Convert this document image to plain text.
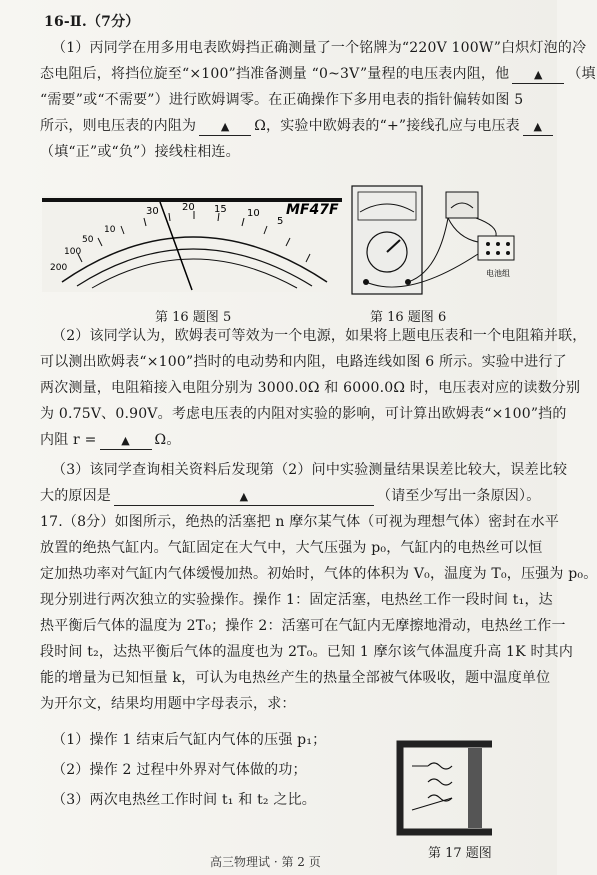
16-Ⅱ.（7分）
（1）丙同学在用多用电表欧姆挡正确测量了一个铭牌为“220V 100W”白炽灯泡的冷
态电阻后，将挡位旋至“×100”挡准备测量 “0~3V”量程的电压表内阻，他 ▲ （填
“需要”或“不需要”）进行欧姆调零。在正确操作下多用电表的指针偏转如图 5
所示，则电压表的内阻为 ▲ Ω，实验中欧姆表的“+”接线孔应与电压表 ▲
（填“正”或“负”）接线柱相连。
30 20 15 10
5
200
100
50
10
MF47F
第 16 题图 5
电池组
第 16 题图 6
（2）该同学认为，欧姆表可等效为一个电源，如果将上题电压表和一个电阻箱并联，
可以测出欧姆表“×100”挡时的电动势和内阻，电路连线如图 6 所示。实验中进行了
两次测量，电阻箱接入电阻分别为 3000.0Ω 和 6000.0Ω 时，电压表对应的读数分别
为 0.75V、0.90V。考虑电压表的内阻对实验的影响，可计算出欧姆表“×100”挡的
内阻 r = ▲ Ω。
（3）该同学查询相关资料后发现第（2）问中实验测量结果误差比较大，误差比较
大的原因是	▲	（请至少写出一条原因）。
17.（8分）如图所示，绝热的活塞把 n 摩尔某气体（可视为理想气体）密封在水平
放置的绝热气缸内。气缸固定在大气中，大气压强为 p₀，气缸内的电热丝可以恒
定加热功率对气缸内气体缓慢加热。初始时，气体的体积为 V₀，温度为 T₀，压强为 p₀。
现分别进行两次独立的实验操作。操作 1：固定活塞，电热丝工作一段时间 t₁，达
热平衡后气体的温度为 2T₀；操作 2：活塞可在气缸内无摩擦地滑动，电热丝工作一
段时间 t₂，达热平衡后气体的温度也为 2T₀。已知 1 摩尔该气体温度升高 1K 时其内
能的增量为已知恒量 k，可认为电热丝产生的热量全部被气体吸收，题中温度单位
为开尔文，结果均用题中字母表示，求：
（1）操作 1 结束后气缸内气体的压强 p₁；
（2）操作 2 过程中外界对气体做的功；
（3）两次电热丝工作时间 t₁ 和 t₂ 之比。
第 17 题图
高三物理试 · 第 2 页
